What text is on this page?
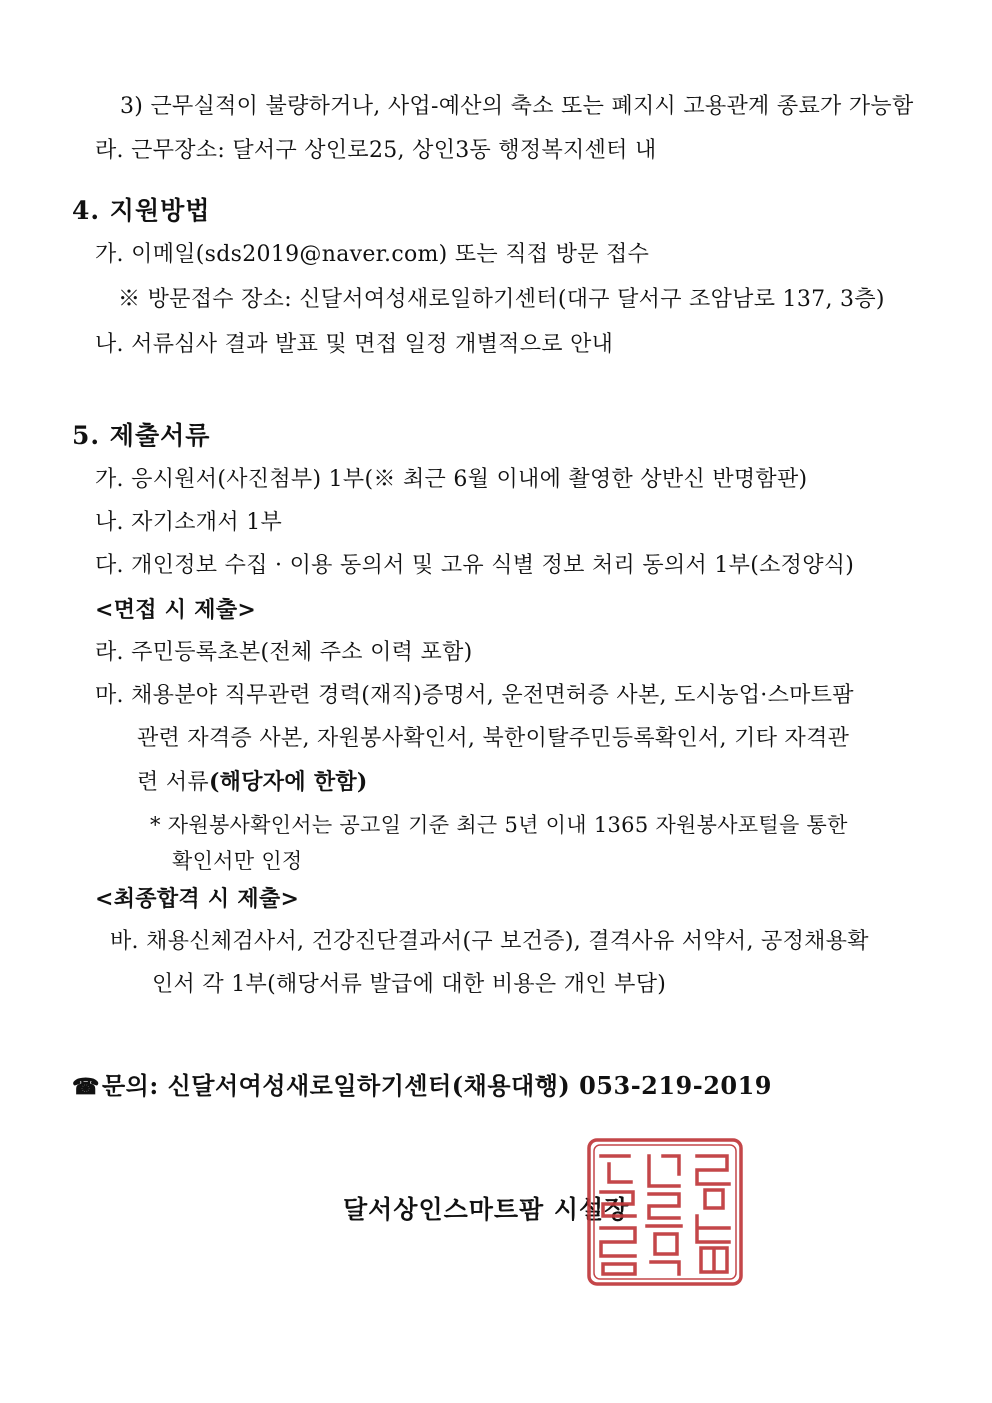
3) 근무실적이 불량하거나, 사업-예산의 축소 또는 폐지시 고용관계 종료가 가능함
라. 근무장소: 달서구 상인로25, 상인3동 행정복지센터 내
4. 지원방법
가. 이메일(sds2019@naver.com) 또는 직접 방문 접수
※ 방문접수 장소: 신달서여성새로일하기센터(대구 달서구 조암남로 137, 3층)
나. 서류심사 결과 발표 및 면접 일정 개별적으로 안내
5. 제출서류
가. 응시원서(사진첨부) 1부(※ 최근 6월 이내에 촬영한 상반신 반명함판)
나. 자기소개서 1부
다. 개인정보 수집 · 이용 동의서 및 고유 식별 정보 처리 동의서 1부(소정양식)
<면접 시 제출>
라. 주민등록초본(전체 주소 이력 포함)
마. 채용분야 직무관련 경력(재직)증명서, 운전면허증 사본, 도시농업·스마트팜
관련 자격증 사본, 자원봉사확인서, 북한이탈주민등록확인서, 기타 자격관
련 서류(해당자에 한함)
* 자원봉사확인서는 공고일 기준 최근 5년 이내 1365 자원봉사포털을 통한
확인서만 인정
<최종합격 시 제출>
바. 채용신체검사서, 건강진단결과서(구 보건증), 결격사유 서약서, 공정채용확
인서 각 1부(해당서류 발급에 대한 비용은 개인 부담)
☎문의: 신달서여성새로일하기센터(채용대행) 053-219-2019
달서상인스마트팜 시설장
